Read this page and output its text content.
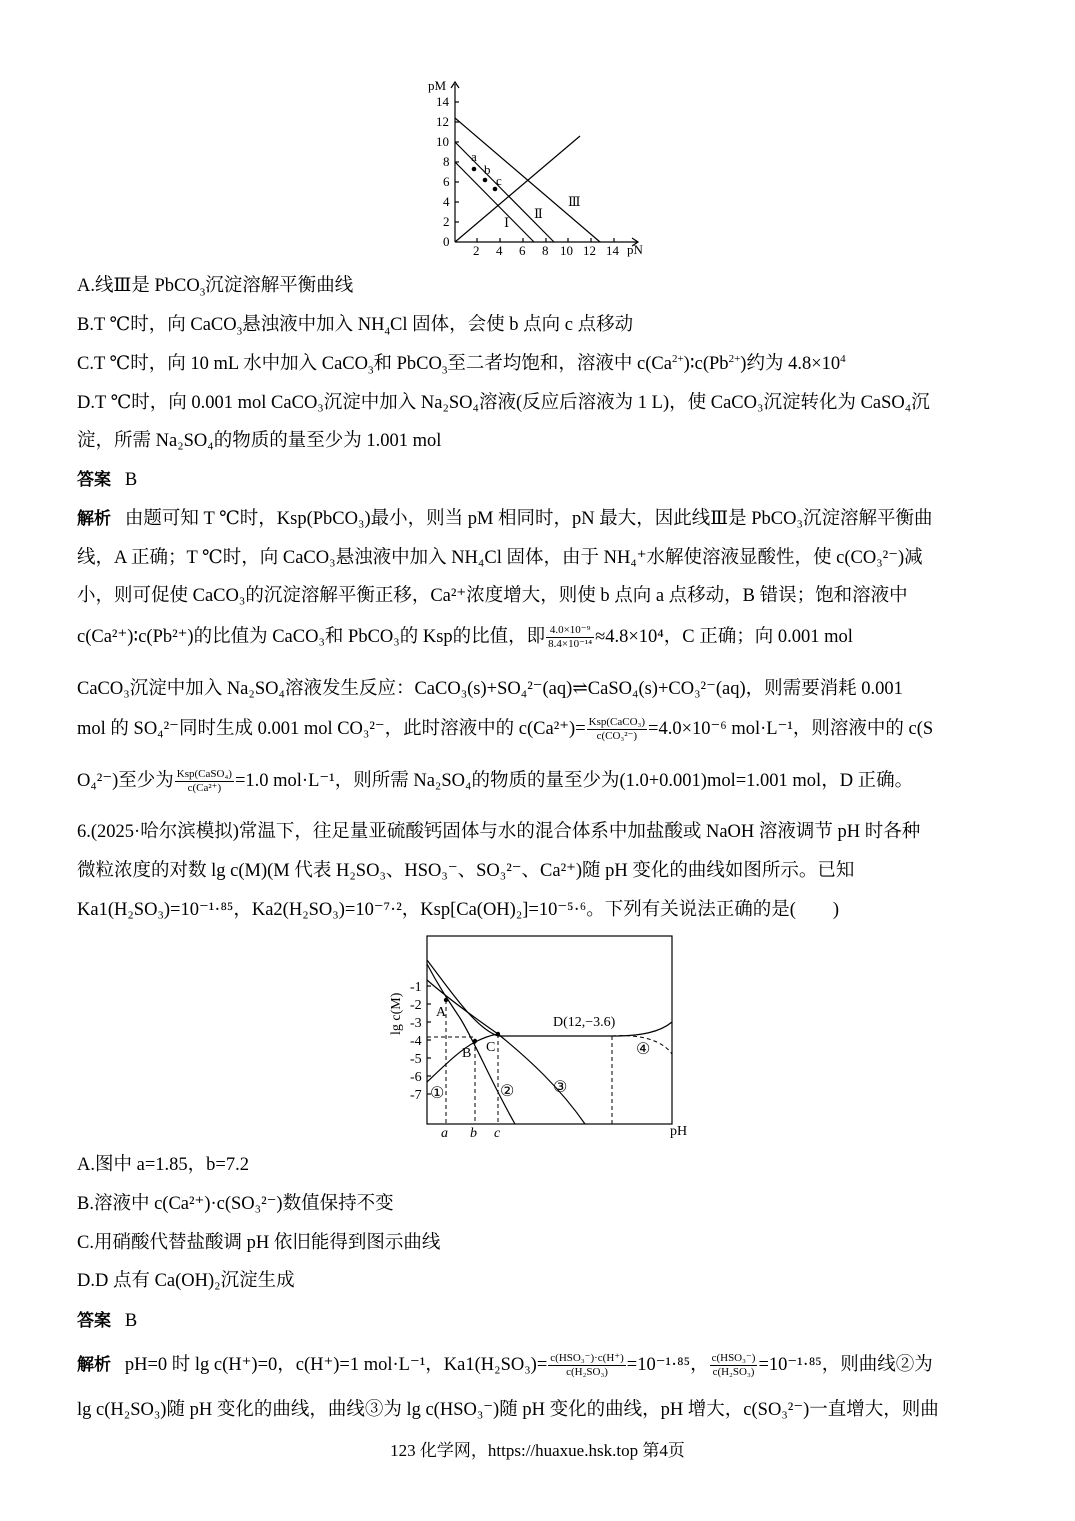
pM
pN
14
12
10
8
6
4
2
0
2 4 6 8 10 12 14
a
b
c
Ⅰ
Ⅱ
Ⅲ
A.线Ⅲ是 PbCO$_3$沉淀溶解平衡曲线
B.T ℃时，向 CaCO$_3$悬浊液中加入 $NH_4Cl$ 固体，会使 b 点向 c 点移动
C.T ℃时，向 10 mL 水中加入 CaCO$_3$和 PbCO$_3$至二者均饱和，溶液中 $c(Ca^{2+})∶c(Pb^{2+})$约为 $4.8\times 10^4$
D.T ℃时，向 0.001 mol CaCO₃沉淀中加入 Na₂SO₄溶液(反应后溶液为 1 L)，使 CaCO₃沉淀转化为 CaSO₄沉
淀，所需 Na₂SO₄的物质的量至少为 1.001 mol
答案 B
解析 由题可知 T ℃时，Ksp(PbCO₃)最小，则当 pM 相同时，pN 最大，因此线Ⅲ是 PbCO₃沉淀溶解平衡曲
线，A 正确；T ℃时，向 CaCO₃悬浊液中加入 NH₄Cl 固体，由于 NH₄⁺水解使溶液显酸性，使 c(CO₃²⁻)减
小，则可促使 CaCO₃的沉淀溶解平衡正移，Ca²⁺浓度增大，则使 b 点向 a 点移动，B 错误；饱和溶液中
c(Ca²⁺)∶c(Pb²⁺)的比值为 CaCO₃和 PbCO₃的 Ksp的比值，即 $\frac{\text{4.0×10⁻⁹}}{\text{8.4×10⁻¹⁴}} \approx 4.8\times 10^4$，C 正确；向 0.001 mol
CaCO₃沉淀中加入 Na₂SO₄溶液发生反应：CaCO₃(s)+SO₄²⁻(aq)⇌CaSO₄(s)+CO₃²⁻(aq)，则需要消耗 0.001
mol 的 SO₄²⁻同时生成 0.001 mol CO₃²⁻，此时溶液中的 $c(Ca^{2+})= \frac{\text{Ksp(CaCO₃)}}{\text{c(CO₃²⁻)}} =4.0\times 10^{-6}$ mol·L⁻¹，则溶液中的 c(S
O₄²⁻)至少为 $\frac{\text{Ksp(CaSO₄)}}{\text{c(Ca²⁺)}} =1.0$ mol·L⁻¹，则所需 Na₂SO₄的物质的量至少为(1.0+0.001)mol=1.001 mol，D 正确。
6.(2025·哈尔滨模拟)常温下，往足量亚硫酸钙固体与水的混合体系中加盐酸或 NaOH 溶液调节 pH 时各种
微粒浓度的对数 lg c(M)(M 代表 H₂SO₃、HSO₃⁻、SO₃²⁻、Ca²⁺)随 pH 变化的曲线如图所示。已知
Ka1(H₂SO₃)=10⁻¹·⁸⁵，Ka2(H₂SO₃)=10⁻⁷·²，Ksp[Ca(OH)₂]=10⁻⁵·⁶。下列有关说法正确的是(　　)
lg c(M)
pH
-1
-2
-3
-4
-5
-6
-7
a b c
A
B C
D(12,−3.6)
①	② ③
④
A.图中 a=1.85，b=7.2
B.溶液中 c(Ca²⁺)·c(SO₃²⁻)数值保持不变
C.用硝酸代替盐酸调 pH 依旧能得到图示曲线
D.D 点有 Ca(OH)₂沉淀生成
答案 B
解析 pH=0 时 lg c(H⁺)=0，c(H⁺)=1 mol·L⁻¹，$Ka1(H_2SO_3)= \frac{\text{c(HSO₃⁻)·c(H⁺)}}{\text{c(H₂SO₃)}} =10^{-1}\cdot^{85}$， $\frac{\text{c(HSO₃⁻)}}{\text{c(H₂SO₃)}} =10^{-1}\cdot^{85}$，则曲线②为
lg c(H₂SO₃)随 pH 变化的曲线，曲线③为 lg c(HSO₃⁻)随 pH 变化的曲线，pH 增大，c(SO₃²⁻)一直增大，则曲
123 化学网，https://huaxue.hsk.top 第4页
